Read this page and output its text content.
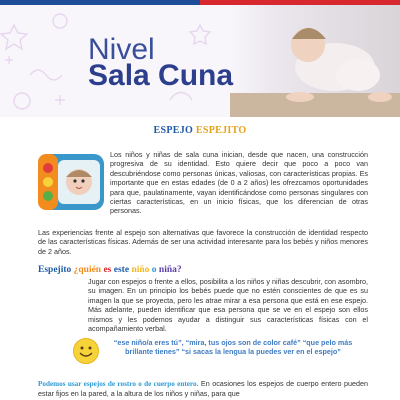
Nivel
Sala Cuna
ESPEJO ESPEJITO
Los niños y niñas de sala cuna inician, desde que nacen, una construcción progresiva de su identidad. Esto quiere decir que poco a poco van descubriéndose como personas únicas, valiosas, con características propias. Es importante que en estas edades (de 0 a 2 años) les ofrezcamos oportunidades para que, paulatinamente, vayan identificándose como personas singulares con ciertas características, en un inicio físicas, que los diferencian de otras personas.
Las experiencias frente al espejo son alternativas que favorece la construcción de identidad respecto de las características físicas. Además de ser una actividad interesante para los bebés y niños menores de 2 años.
Espejito ¿quién es este niño o niña?
Jugar con espejos o frente a ellos, posibilita a los niños y niñas descubrir, con asombro, su imagen. En un principio los bebés puede que no estén conscientes de que es su imagen la que se proyecta, pero les atrae mirar a esa persona que está en ese espejo. Más adelante, pueden identificar que esa persona que se ve en el espejo son ellos mismos y les podemos ayudar a distinguir sus características físicas con el acompañamiento verbal.
“ese niño/a eres tú”, “mira, tus ojos son de color café” “que pelo más brillante tienes” “si sacas la lengua la puedes ver en el espejo”
Podemos usar espejos de rostro o de cuerpo entero. En ocasiones los espejos de cuerpo entero pueden estar fijos en la pared, a la altura de los niños y niñas, para que
